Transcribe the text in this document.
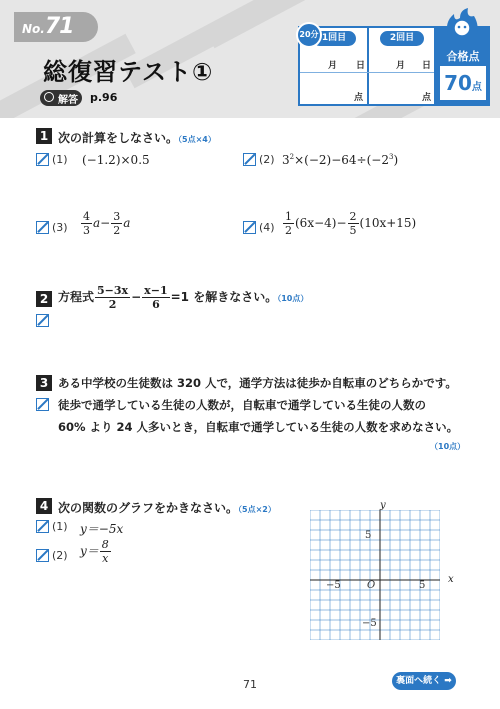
No.71
総復習テスト①
解答 p.96
1回目	2回目
月 日	月 日
点	点
20分
合格点
70点
1 次の計算をしなさい。（5点×4）
(1) (−1.2)×0.5	(2) $3^2\times(-2)-64\div(-2^3)$
$(3) \frac{4}{3} a- \frac{3}{2}$ a	$(4) \frac{1}{2} (6x-4)- \frac{2}{5} (10x+15)$
2 方程式 $\frac{5-3x}{2} - \frac{x-1}{6} =1$ を解きなさい。（10点）
3 ある中学校の生徒数は 320 人で，通学方法は徒歩か自転車のどちらかです。
徒歩で通学している生徒の人数が，自転車で通学している生徒の人数の
60% より 24 人多いとき，自転車で通学している生徒の人数を求めなさい。
（10点）
4 次の関数のグラフをかきなさい。（5点×2）
(1) y＝−5x
(2) $y= \frac{8}{x}$
x
y
O	5
−5
5
−5
71	裏面へ続く ➡
